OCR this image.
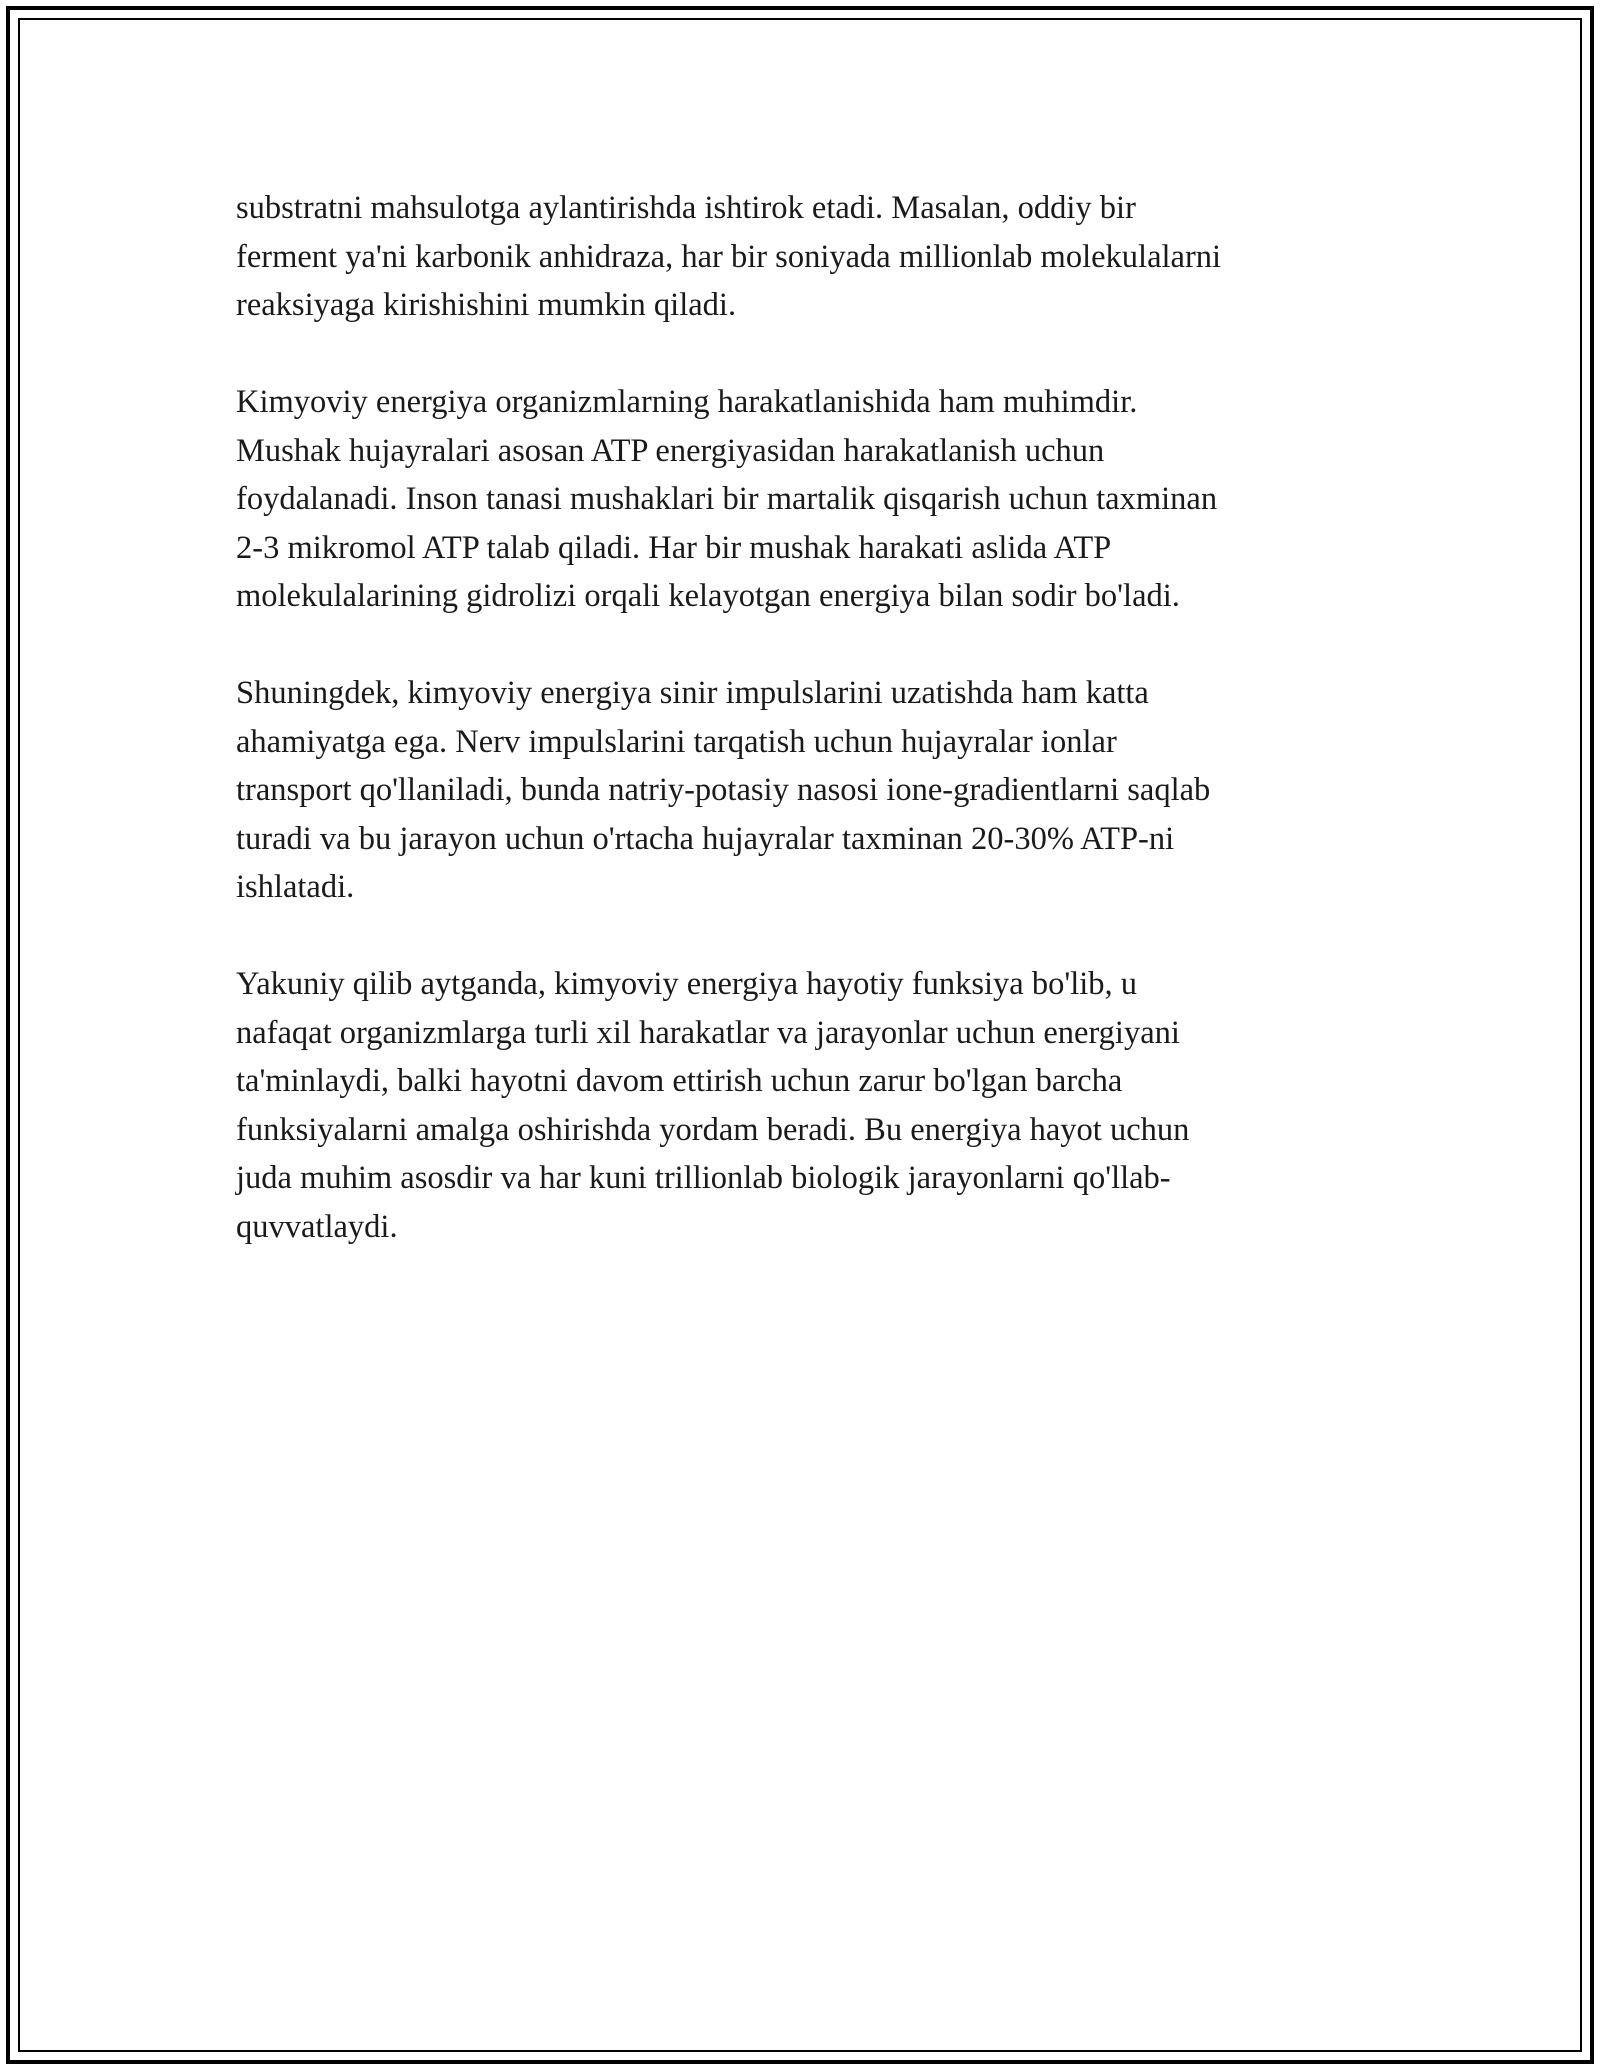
substratni mahsulotga aylantirishda ishtirok etadi. Masalan, oddiy bir
ferment ya'ni karbonik anhidraza, har bir soniyada millionlab molekulalarni
reaksiyaga kirishishini mumkin qiladi.

Kimyoviy energiya organizmlarning harakatlanishida ham muhimdir.
Mushak hujayralari asosan ATP energiyasidan harakatlanish uchun
foydalanadi. Inson tanasi mushaklari bir martalik qisqarish uchun taxminan
2-3 mikromol ATP talab qiladi. Har bir mushak harakati aslida ATP
molekulalarining gidrolizi orqali kelayotgan energiya bilan sodir bo'ladi.

Shuningdek, kimyoviy energiya sinir impulslarini uzatishda ham katta
ahamiyatga ega. Nerv impulslarini tarqatish uchun hujayralar ionlar
transport qo'llaniladi, bunda natriy-potasiy nasosi ione-gradientlarni saqlab
turadi va bu jarayon uchun o'rtacha hujayralar taxminan 20-30% ATP-ni
ishlatadi.

Yakuniy qilib aytganda, kimyoviy energiya hayotiy funksiya bo'lib, u
nafaqat organizmlarga turli xil harakatlar va jarayonlar uchun energiyani
ta'minlaydi, balki hayotni davom ettirish uchun zarur bo'lgan barcha
funksiyalarni amalga oshirishda yordam beradi. Bu energiya hayot uchun
juda muhim asosdir va har kuni trillionlab biologik jarayonlarni qo'llab-
quvvatlaydi.
